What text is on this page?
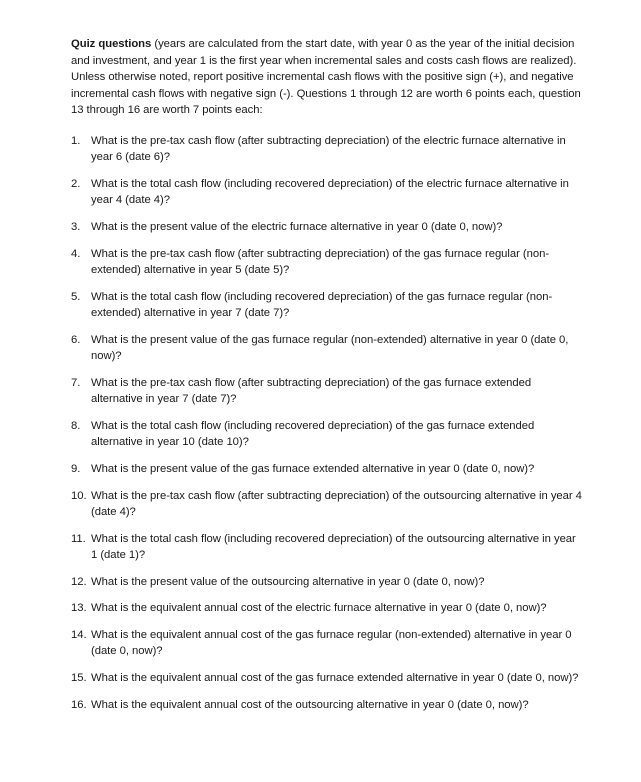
Quiz questions (years are calculated from the start date, with year 0 as the year of the initial decision and investment, and year 1 is the first year when incremental sales and costs cash flows are realized). Unless otherwise noted, report positive incremental cash flows with the positive sign (+), and negative incremental cash flows with negative sign (-). Questions 1 through 12 are worth 6 points each, question 13 through 16 are worth 7 points each:

1. What is the pre-tax cash flow (after subtracting depreciation) of the electric furnace alternative in year 6 (date 6)?
2. What is the total cash flow (including recovered depreciation) of the electric furnace alternative in year 4 (date 4)?
3. What is the present value of the electric furnace alternative in year 0 (date 0, now)?
4. What is the pre-tax cash flow (after subtracting depreciation) of the gas furnace regular (non-extended) alternative in year 5 (date 5)?
5. What is the total cash flow (including recovered depreciation) of the gas furnace regular (non-extended) alternative in year 7 (date 7)?
6. What is the present value of the gas furnace regular (non-extended) alternative in year 0 (date 0, now)?
7. What is the pre-tax cash flow (after subtracting depreciation) of the gas furnace extended alternative in year 7 (date 7)?
8. What is the total cash flow (including recovered depreciation) of the gas furnace extended alternative in year 10 (date 10)?
9. What is the present value of the gas furnace extended alternative in year 0 (date 0, now)?
10. What is the pre-tax cash flow (after subtracting depreciation) of the outsourcing alternative in year 4 (date 4)?
11. What is the total cash flow (including recovered depreciation) of the outsourcing alternative in year 1 (date 1)?
12. What is the present value of the outsourcing alternative in year 0 (date 0, now)?
13. What is the equivalent annual cost of the electric furnace alternative in year 0 (date 0, now)?
14. What is the equivalent annual cost of the gas furnace regular (non-extended) alternative in year 0 (date 0, now)?
15. What is the equivalent annual cost of the gas furnace extended alternative in year 0 (date 0, now)?
16. What is the equivalent annual cost of the outsourcing alternative in year 0 (date 0, now)?
